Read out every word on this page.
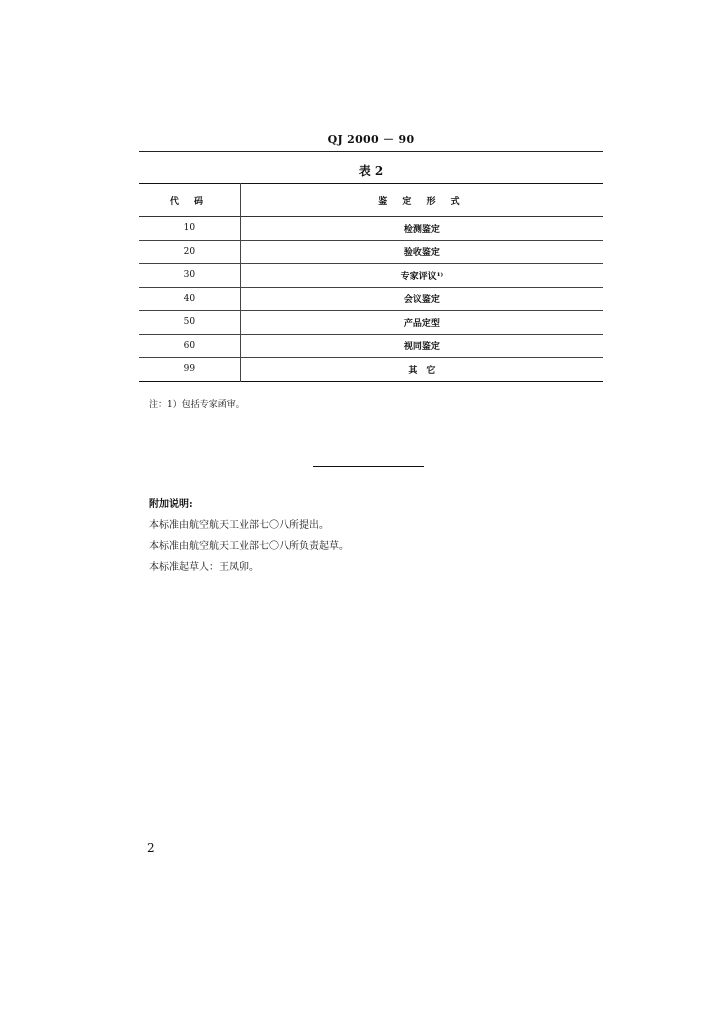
QJ 2000 － 90
表 2
代 码	鉴 定 形 式
10	检测鉴定
20	验收鉴定
30	专家评议¹⁾
40	会议鉴定
50	产品定型
60	视同鉴定
99	其　它
注：1）包括专家函审。
附加说明:
本标准由航空航天工业部七〇八所提出。
本标准由航空航天工业部七〇八所负责起草。
本标准起草人：王凤卯。
2
